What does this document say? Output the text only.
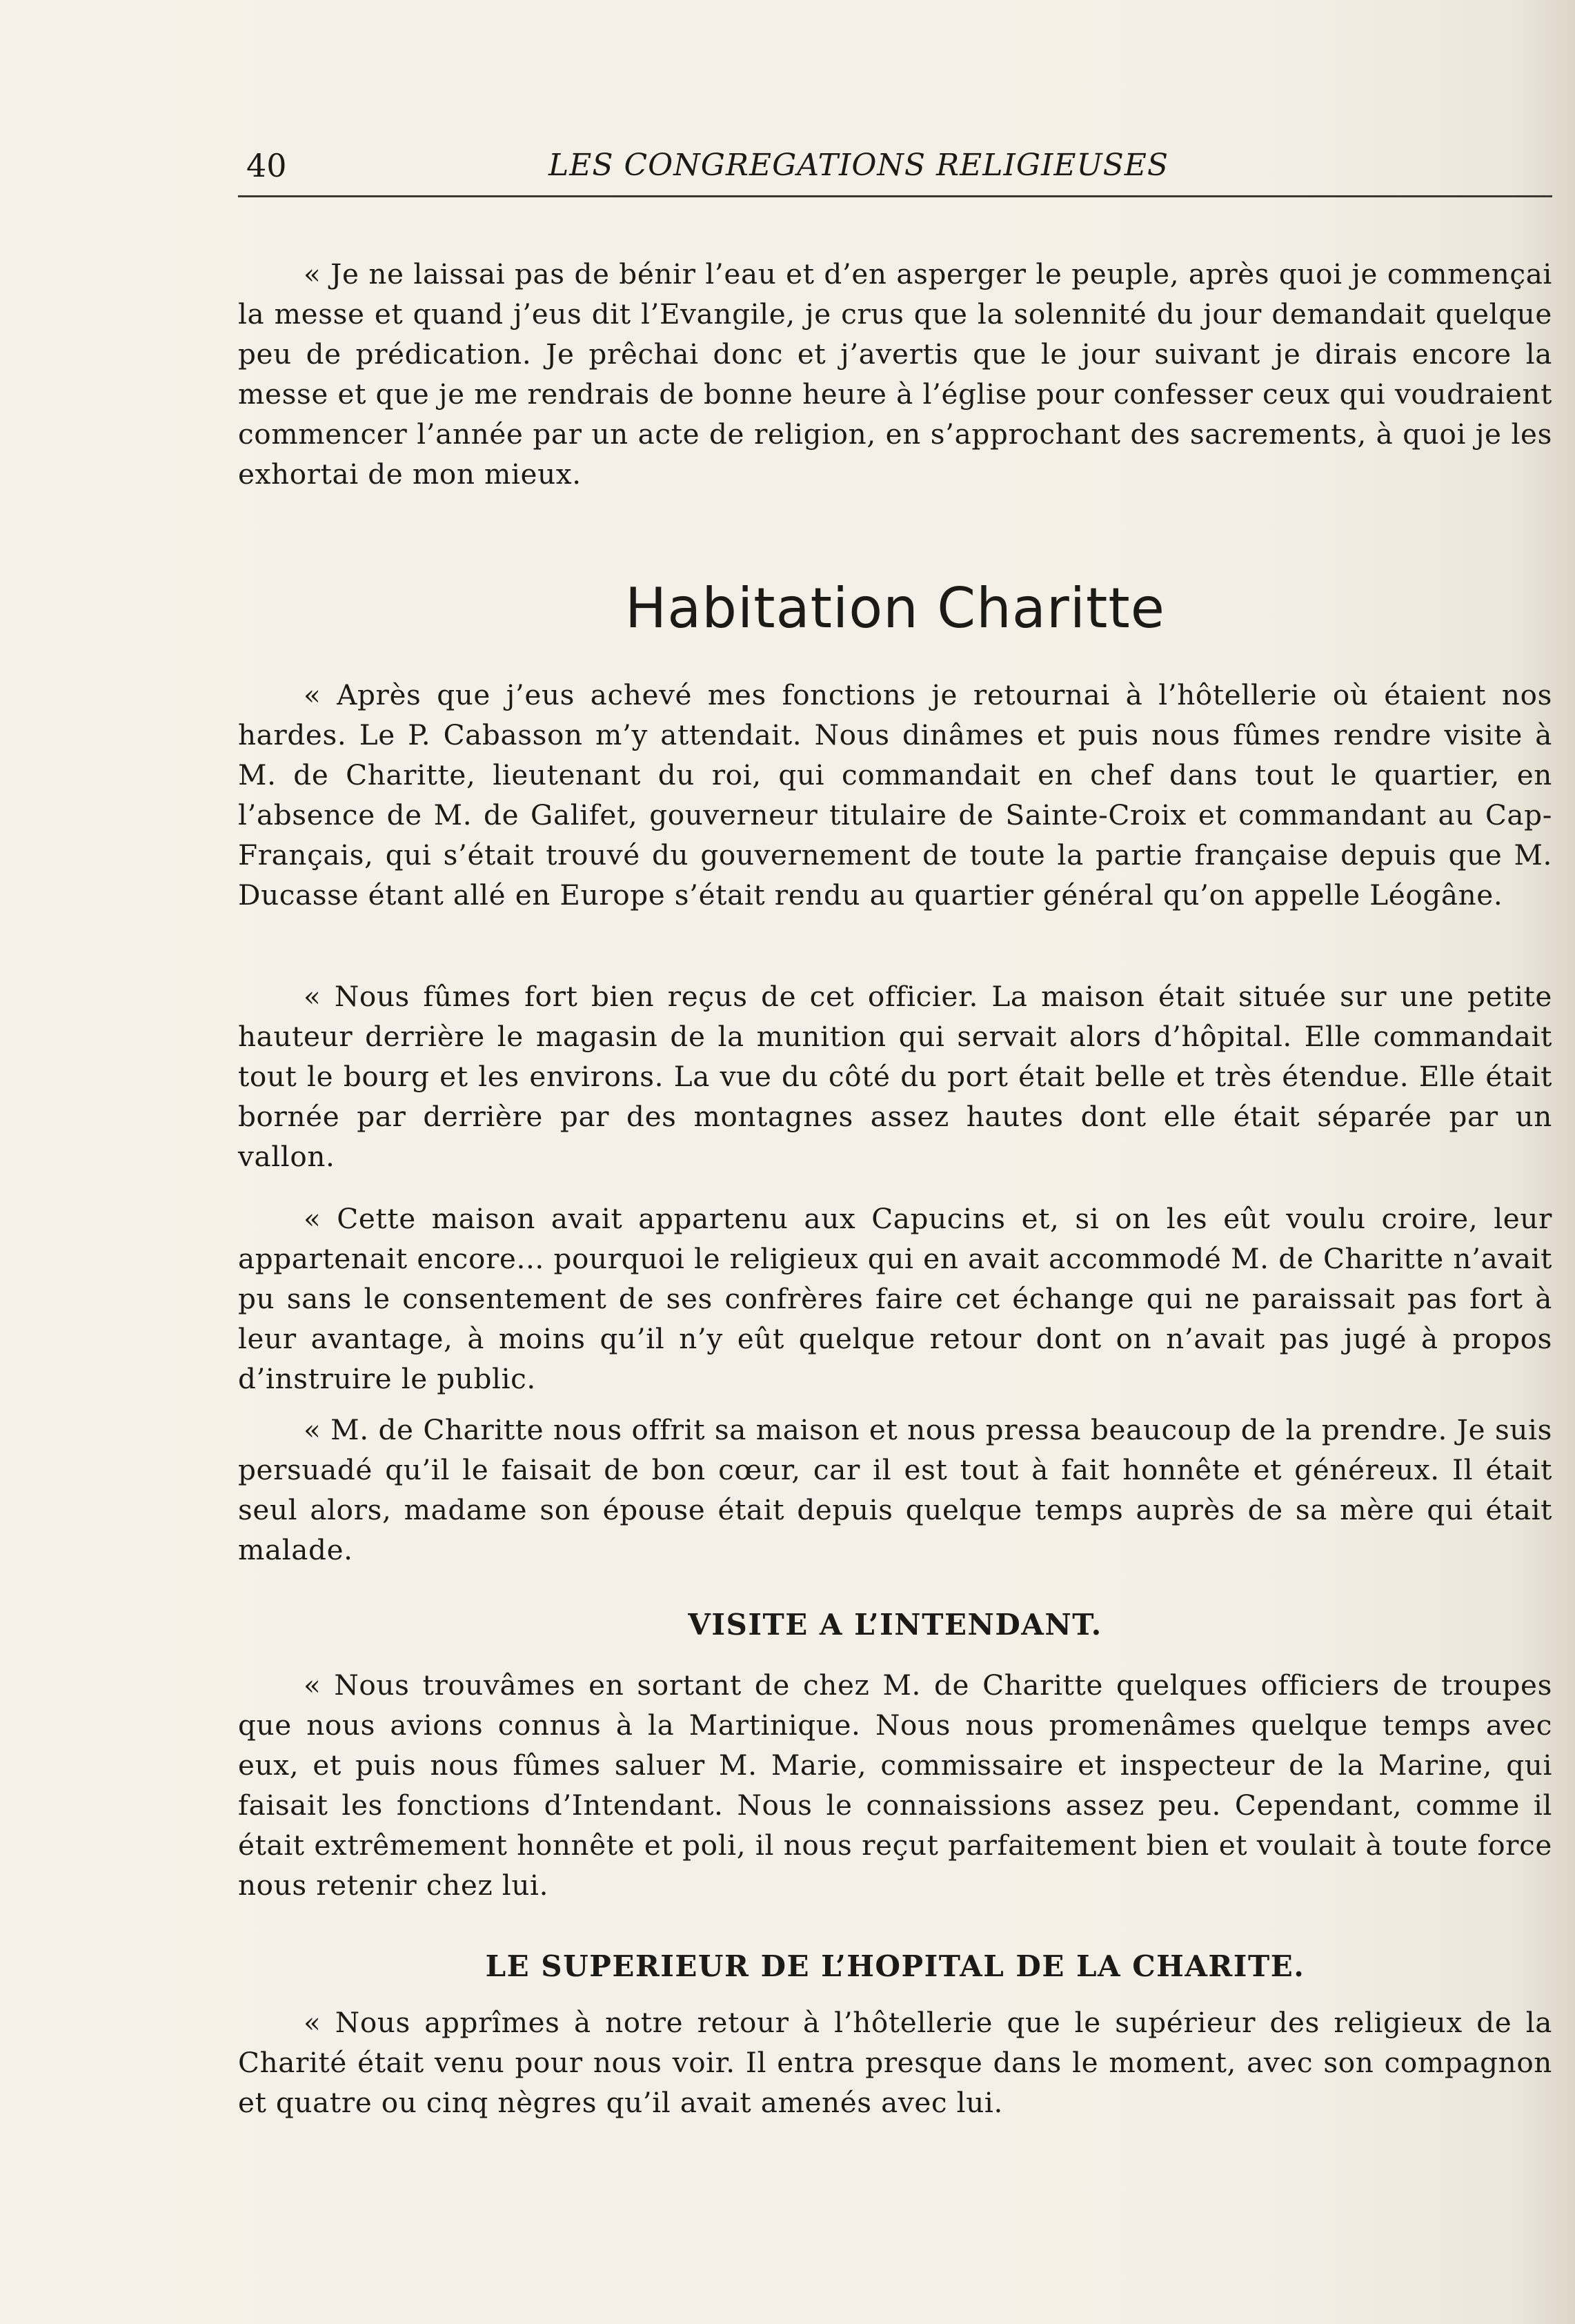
40	LES CONGREGATIONS RELIGIEUSES

« Je ne laissai pas de bénir l’eau et d’en asperger le peuple, après quoi je commençai la messe et quand j’eus dit l’Evangile, je crus que la solennité du jour demandait quelque peu de prédication. Je prêchai donc et j’avertis que le jour suivant je dirais encore la messe et que je me rendrais de bonne heure à l’église pour confesser ceux qui voudraient commencer l’année par un acte de religion, en s’approchant des sacrements, à quoi je les exhortai de mon mieux.

Habitation Charitte

« Après que j’eus achevé mes fonctions je retournai à l’hôtellerie où étaient nos hardes. Le P. Cabasson m’y attendait. Nous dinâmes et puis nous fûmes rendre visite à M. de Charitte, lieutenant du roi, qui commandait en chef dans tout le quartier, en l’absence de M. de Galifet, gouverneur titulaire de Sainte-Croix et commandant au Cap-Français, qui s’était trouvé du gouvernement de toute la partie française depuis que M. Ducasse étant allé en Europe s’était rendu au quartier général qu’on appelle Léogâne.

« Nous fûmes fort bien reçus de cet officier. La maison était située sur une petite hauteur derrière le magasin de la munition qui servait alors d’hôpital. Elle commandait tout le bourg et les environs. La vue du côté du port était belle et très étendue. Elle était bornée par derrière par des montagnes assez hautes dont elle était séparée par un vallon.

« Cette maison avait appartenu aux Capucins et, si on les eût voulu croire, leur appartenait encore... pourquoi le religieux qui en avait accommodé M. de Charitte n’avait pu sans le consentement de ses confrères faire cet échange qui ne paraissait pas fort à leur avantage, à moins qu’il n’y eût quelque retour dont on n’avait pas jugé à propos d’instruire le public.

« M. de Charitte nous offrit sa maison et nous pressa beaucoup de la prendre. Je suis persuadé qu’il le faisait de bon cœur, car il est tout à fait honnête et généreux. Il était seul alors, madame son épouse était depuis quelque temps auprès de sa mère qui était malade.

VISITE A L’INTENDANT.

« Nous trouvâmes en sortant de chez M. de Charitte quelques officiers de troupes que nous avions connus à la Martinique. Nous nous promenâmes quelque temps avec eux, et puis nous fûmes saluer M. Marie, commissaire et inspecteur de la Marine, qui faisait les fonctions d’Intendant. Nous le connaissions assez peu. Cependant, comme il était extrêmement honnête et poli, il nous reçut parfaitement bien et voulait à toute force nous retenir chez lui.

LE SUPERIEUR DE L’HOPITAL DE LA CHARITE.

« Nous apprîmes à notre retour à l’hôtellerie que le supérieur des religieux de la Charité était venu pour nous voir. Il entra presque dans le moment, avec son compagnon et quatre ou cinq nègres qu’il avait amenés avec lui.
